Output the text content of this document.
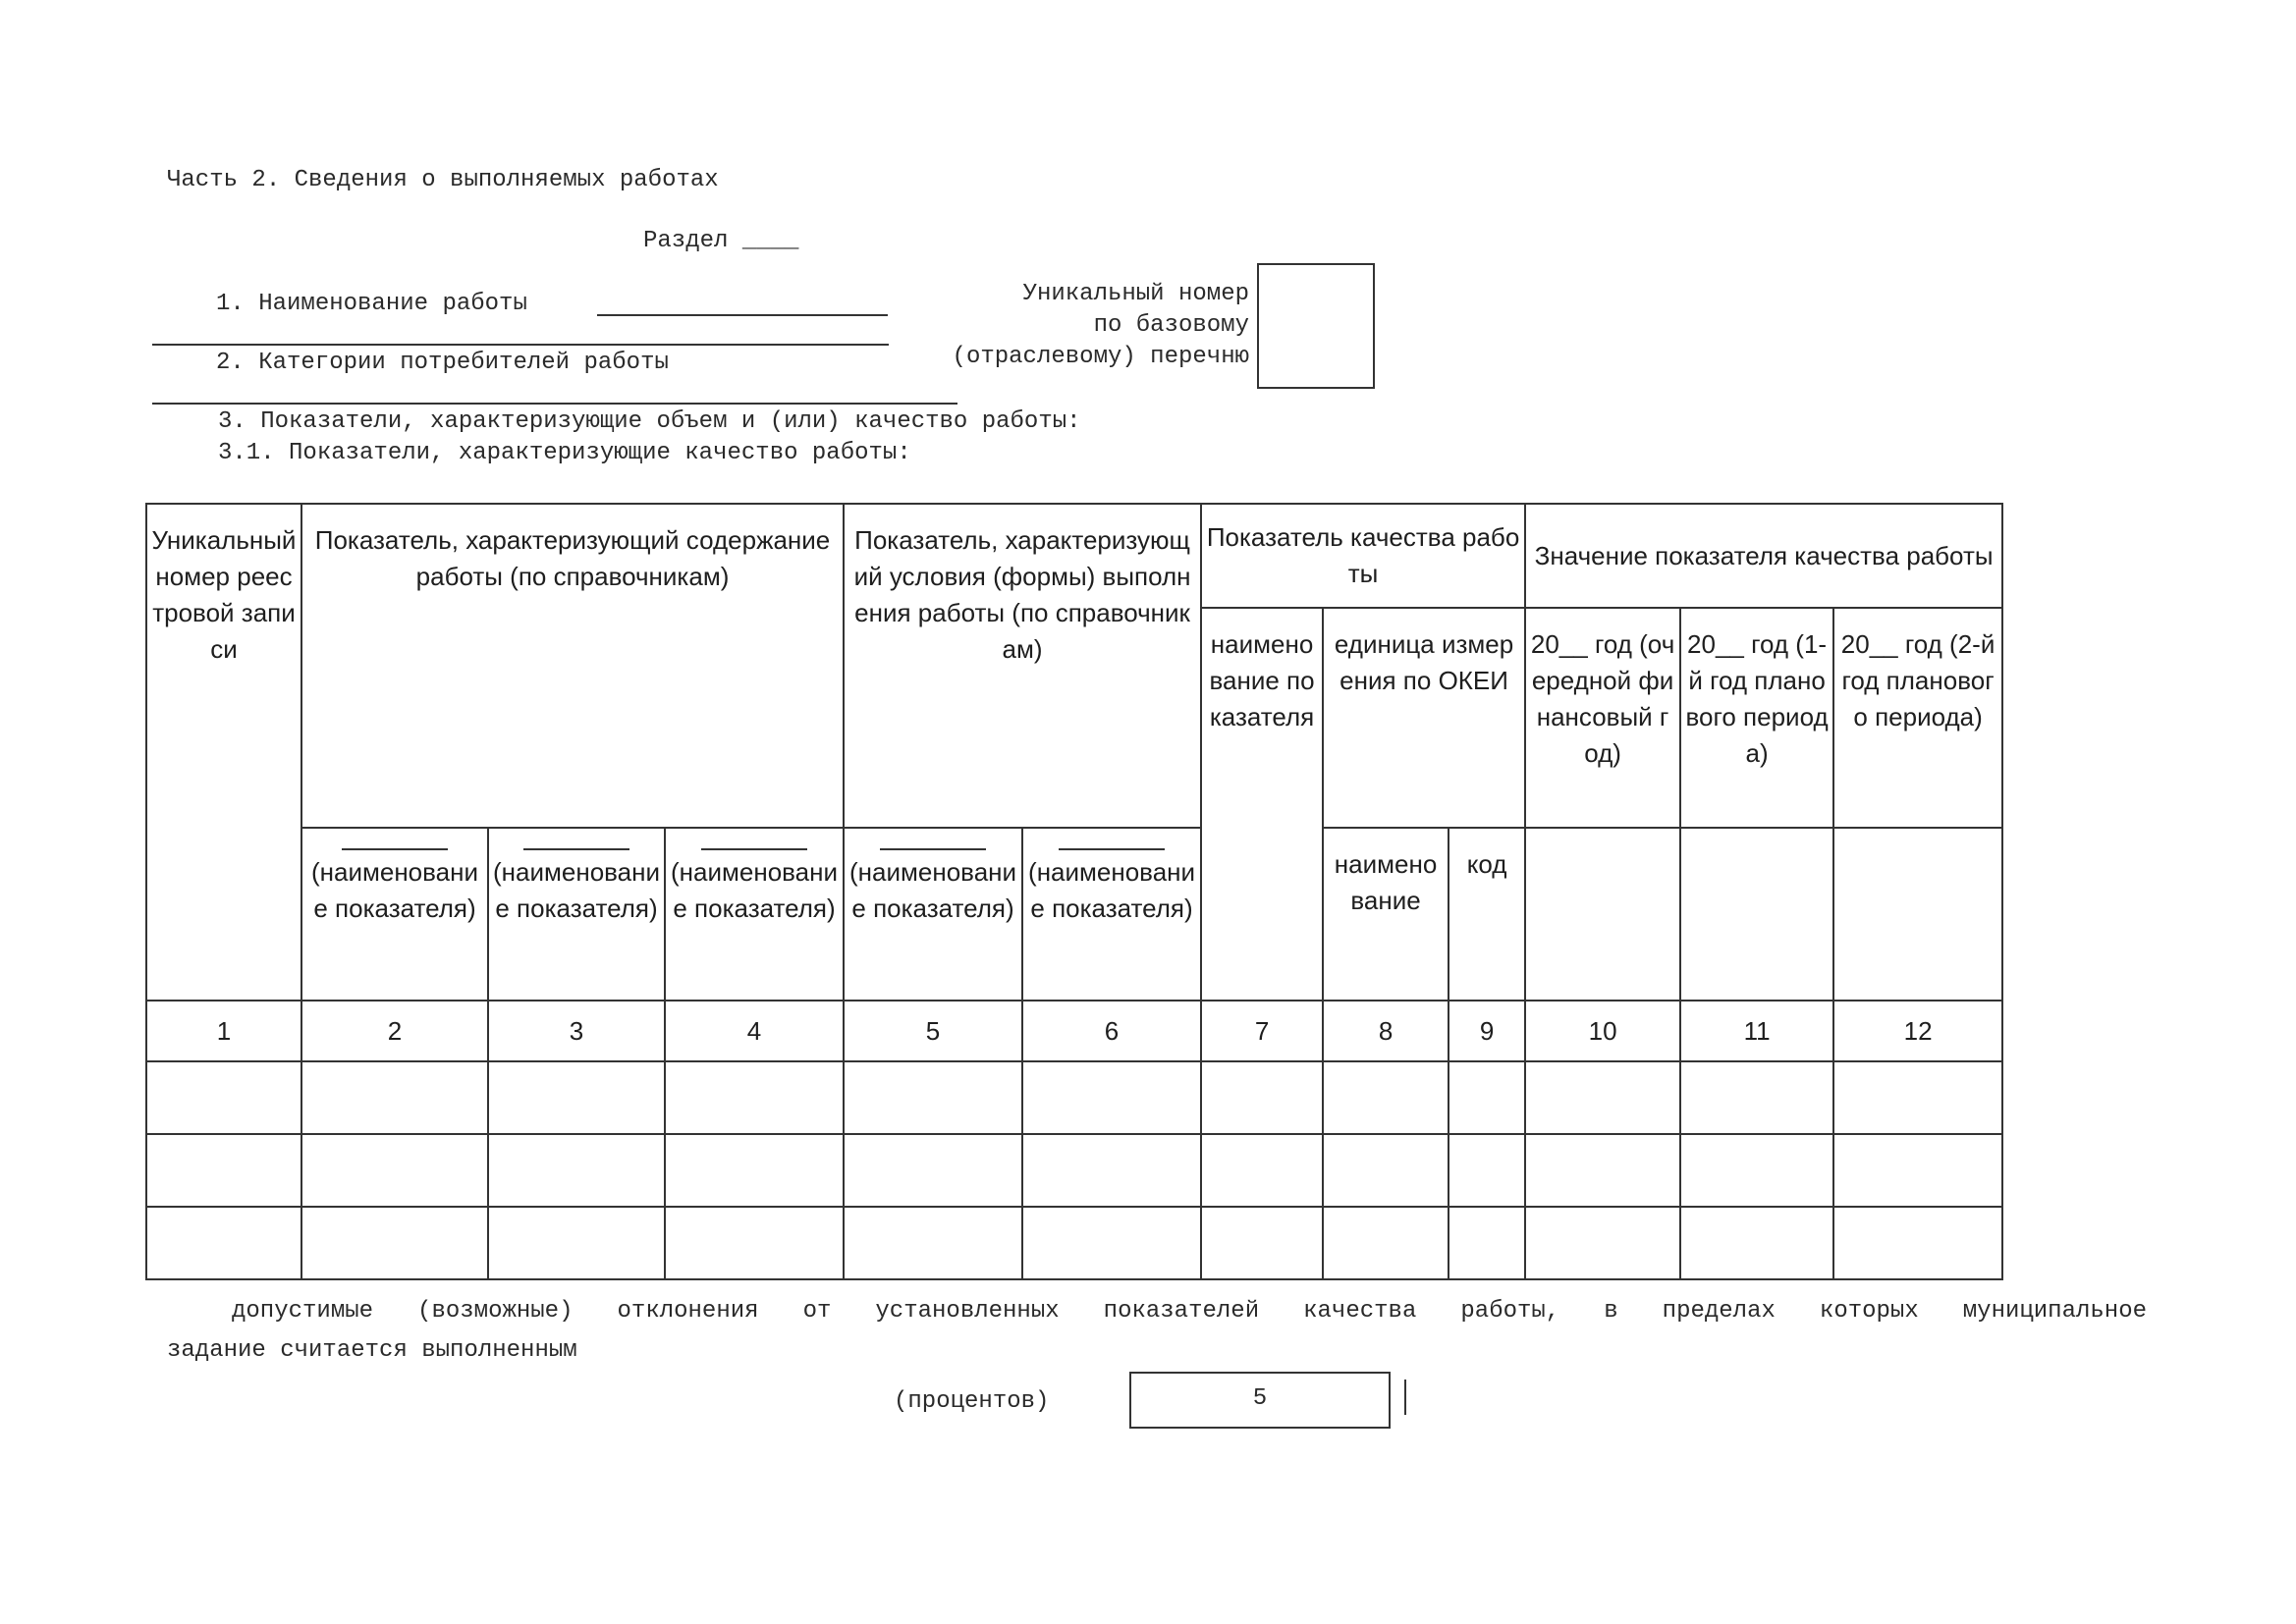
Часть 2. Сведения о выполняемых работах
Раздел ____
1. Наименование работы
2. Категории потребителей работы
Уникальный номер
по базовому
(отраслевому) перечню
3. Показатели, характеризующие объем и (или) качество работы:
3.1. Показатели, характеризующие качество работы:
Уникальный номер реестровой записи	Показатель, характеризующий содержание работы (по справочникам)			Показатель, характеризующий условия (формы) выполнения работы (по справочникам)		Показатель качества работы			Значение показателя качества работы		
						наименование показателя	единица измерения по ОКЕИ		20__ год (очередной финансовый год)	20__ год (1-й год планового периода)	20__ год (2-й год планового периода)

(наименование показателя)	(наименование показателя)	(наименование показателя)	(наименование показателя)	(наименование показателя)		наименование	код			
1	2	3	4	5	6	7	8	9	10	11	12

допустимые (возможные) отклонения от установленных показателей качества работы, в пределах которых муниципальное
задание считается выполненным
(процентов)	5
